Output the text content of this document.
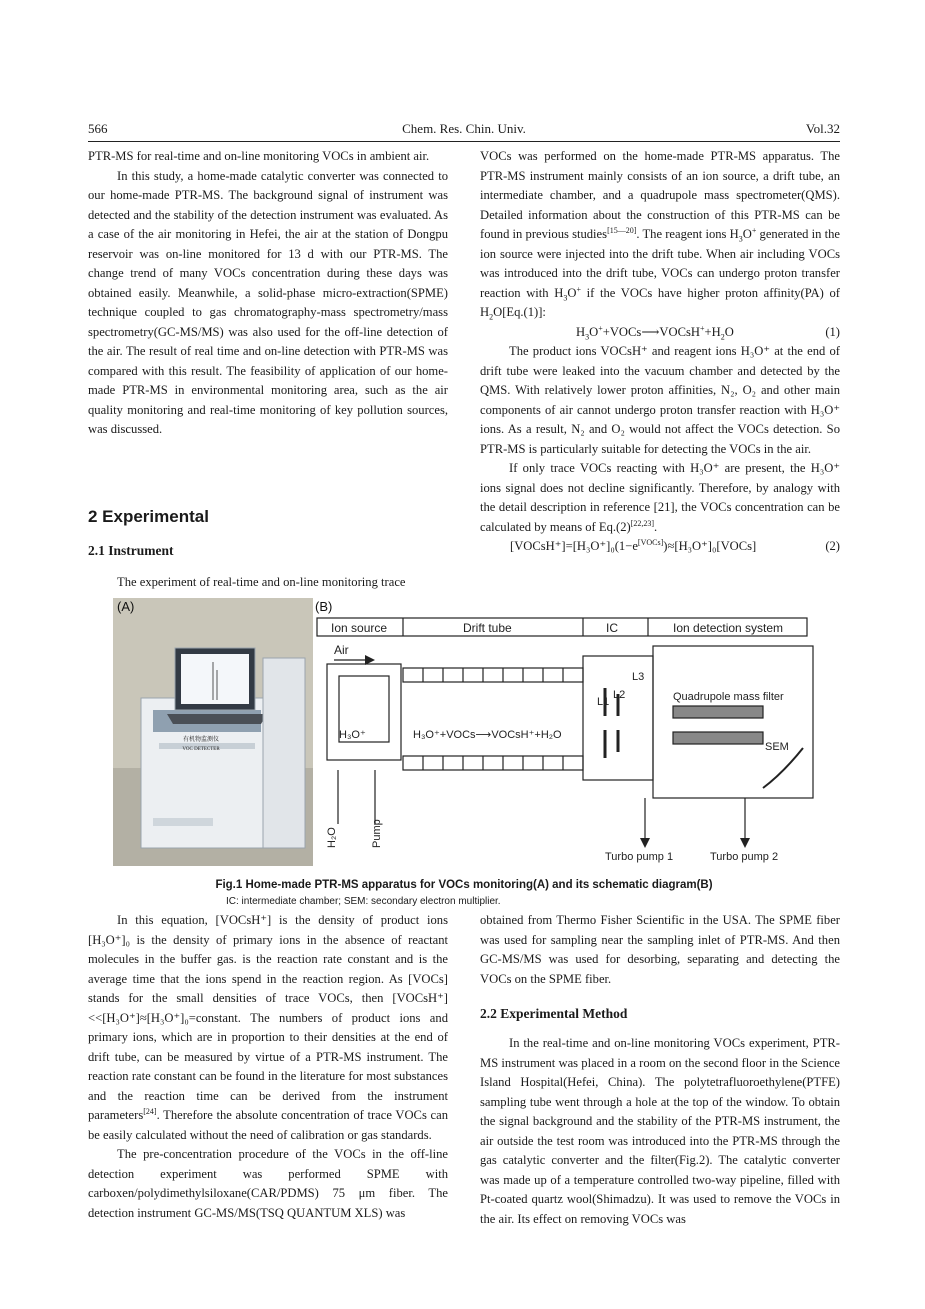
566	Chem. Res. Chin. Univ.	Vol.32

PTR-MS for real-time and on-line monitoring VOCs in ambient air.

In this study, a home-made catalytic converter was connected to our home-made PTR-MS. The background signal of instrument was detected and the stability of the detection instrument was evaluated. As a case of the air monitoring in Hefei, the air at the station of Dongpu reservoir was on-line monitored for 13 d with our PTR-MS. The change trend of many VOCs concentration during these days was obtained easily. Meanwhile, a solid-phase micro-extraction(SPME) technique coupled to gas chromatography-mass spectrometry/mass spectrometry(GC-MS/MS) was also used for the off-line detection of the air. The result of real time and on-line detection with PTR-MS was compared with this result. The feasibility of application of our home-made PTR-MS in environmental monitoring area, such as the air quality monitoring and real-time monitoring of key pollution sources, was discussed.

2 Experimental
2.1 Instrument

The experiment of real-time and on-line monitoring trace

VOCs was performed on the home-made PTR-MS apparatus. The PTR-MS instrument mainly consists of an ion source, a drift tube, an intermediate chamber, and a quadrupole mass spectrometer(QMS). Detailed information about the construction of this PTR-MS can be found in previous studies[15—20]. The reagent ions $H_3O^+$ generated in the ion source were injected into the drift tube. When air including VOCs was introduced into the drift tube, VOCs can undergo proton transfer reaction with $H_3O^+$ if the VOCs have higher proton affinity(PA) of $H_2O[Eq.(1)]$:

$H_3O^++VOCs⟶VOCsH^++H_2O$	(1)

The product ions VOCsH⁺ and reagent ions H₃O⁺ at the end of drift tube were leaked into the vacuum chamber and detected by the QMS. With relatively lower proton affinities, N₂, O₂ and other main components of air cannot undergo proton transfer reaction with H₃O⁺ ions. As a result, N₂ and O₂ would not affect the VOCs detection. So PTR-MS is particularly suitable for detecting the VOCs in the air.

If only trace VOCs reacting with H₃O⁺ are present, the H₃O⁺ ions signal does not decline significantly. Therefore, by analogy with the detail description in reference [21], the VOCs concentration can be calculated by means of Eq.(2)[22,23].

[VOCsH⁺]=[H₃O⁺]₀(1−e[VOCs])≈[H₃O⁺]₀[VOCs]	(2)
有机物监测仪
VOC DETECTER
(A)	(B)
Ion source	Drift tube	IC	Ion detection system
Air
H₃O⁺	H₃O⁺+VOCs⟶VOCsH⁺+H₂O
L1
L2
L3
Quadrupole mass filter
SEM
H₂O	Pump
Turbo pump 1	Turbo pump 2
Fig.1 Home-made PTR-MS apparatus for VOCs monitoring(A) and its schematic diagram(B)
IC: intermediate chamber; SEM: secondary electron multiplier.

In this equation, [VOCsH⁺] is the density of product ions [H₃O⁺]₀ is the density of primary ions in the absence of reactant molecules in the buffer gas. is the reaction rate constant and is the average time that the ions spend in the reaction region. As [VOCs] stands for the small densities of trace VOCs, then [VOCsH⁺]<<[H₃O⁺]≈[H₃O⁺]₀=constant. The numbers of product ions and primary ions, which are in proportion to their densities at the end of drift tube, can be measured by virtue of a PTR-MS instrument. The reaction rate constant can be found in the literature for most substances and the reaction time can be derived from the instrument parameters[24]. Therefore the absolute concentration of trace VOCs can be easily calculated without the need of calibration or gas standards.

The pre-concentration procedure of the VOCs in the off-line detection experiment was performed SPME with carboxen/polydimethylsiloxane(CAR/PDMS) 75 μm fiber. The detection instrument GC-MS/MS(TSQ QUANTUM XLS) was

obtained from Thermo Fisher Scientific in the USA. The SPME fiber was used for sampling near the sampling inlet of PTR-MS. And then GC-MS/MS was used for desorbing, separating and detecting the VOCs on the SPME fiber.

2.2 Experimental Method

In the real-time and on-line monitoring VOCs experiment, PTR-MS instrument was placed in a room on the second floor in the Science Island Hospital(Hefei, China). The polytetrafluoroethylene(PTFE) sampling tube went through a hole at the top of the window. To obtain the signal background and the stability of the PTR-MS instrument, the air outside the test room was introduced into the PTR-MS through the gas catalytic converter and the filter(Fig.2). The catalytic converter was made up of a temperature controlled two-way pipeline, filled with Pt-coated quartz wool(Shimadzu). It was used to remove the VOCs in the air. Its effect on removing VOCs was
